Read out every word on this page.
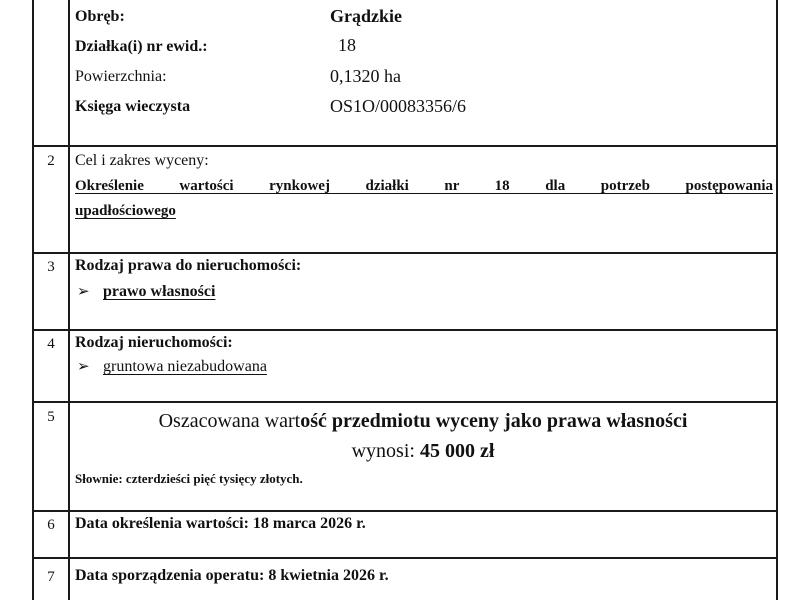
Obręb:	Grądzkie
Działka(i) nr ewid.:	18
Powierzchnia:	0,1320 ha
Księga wieczysta	OS1O/00083356/6
2	Cel i zakres wyceny:
Określenie wartości rynkowej działki nr 18 dla potrzeb postępowania
upadłościowego
3	Rodzaj prawa do nieruchomości:
➢ prawo własności
4	Rodzaj nieruchomości:
➢ gruntowa niezabudowana
5	Oszacowana wartość przedmiotu wyceny jako prawa własności
wynosi: 45 000 zł
Słownie: czterdzieści pięć tysięcy złotych.
6	Data określenia wartości: 18 marca 2026 r.
7	Data sporządzenia operatu: 8 kwietnia 2026 r.
